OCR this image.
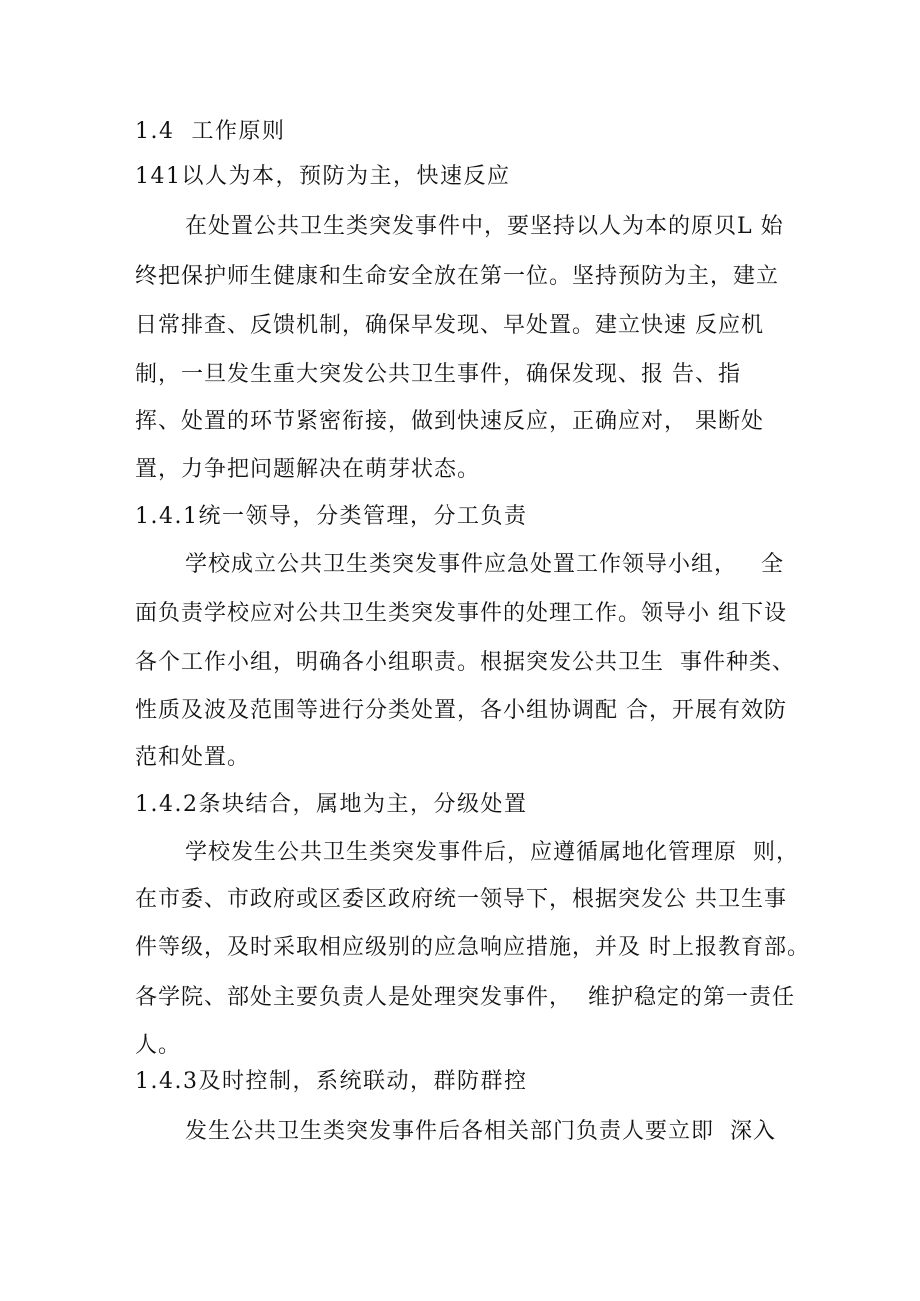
1.4  工作原则
141以人为本，预防为主，快速反应
在处置公共卫生类突发事件中，要坚持以人为本的原贝L 始
终把保护师生健康和生命安全放在第一位。坚持预防为主，建立
日常排查、反馈机制，确保早发现、早处置。建立快速 反应机
制，一旦发生重大突发公共卫生事件，确保发现、报 告、指
挥、处置的环节紧密衔接，做到快速反应，正确应对， 果断处
置，力争把问题解决在萌芽状态。
1.4.1统一领导，分类管理，分工负责
学校成立公共卫生类突发事件应急处置工作领导小组，   全
面负责学校应对公共卫生类突发事件的处理工作。领导小 组下设
各个工作小组，明确各小组职责。根据突发公共卫生  事件种类、
性质及波及范围等进行分类处置，各小组协调配 合，开展有效防
范和处置。
1.4.2条块结合，属地为主，分级处置
学校发生公共卫生类突发事件后，应遵循属地化管理原  则，
在市委、市政府或区委区政府统一领导下，根据突发公 共卫生事
件等级，及时采取相应级别的应急响应措施，并及 时上报教育部。
各学院、部处主要负责人是处理突发事件，  维护稳定的第一责任
人。
1.4.3及时控制，系统联动，群防群控
发生公共卫生类突发事件后各相关部门负责人要立即  深入
